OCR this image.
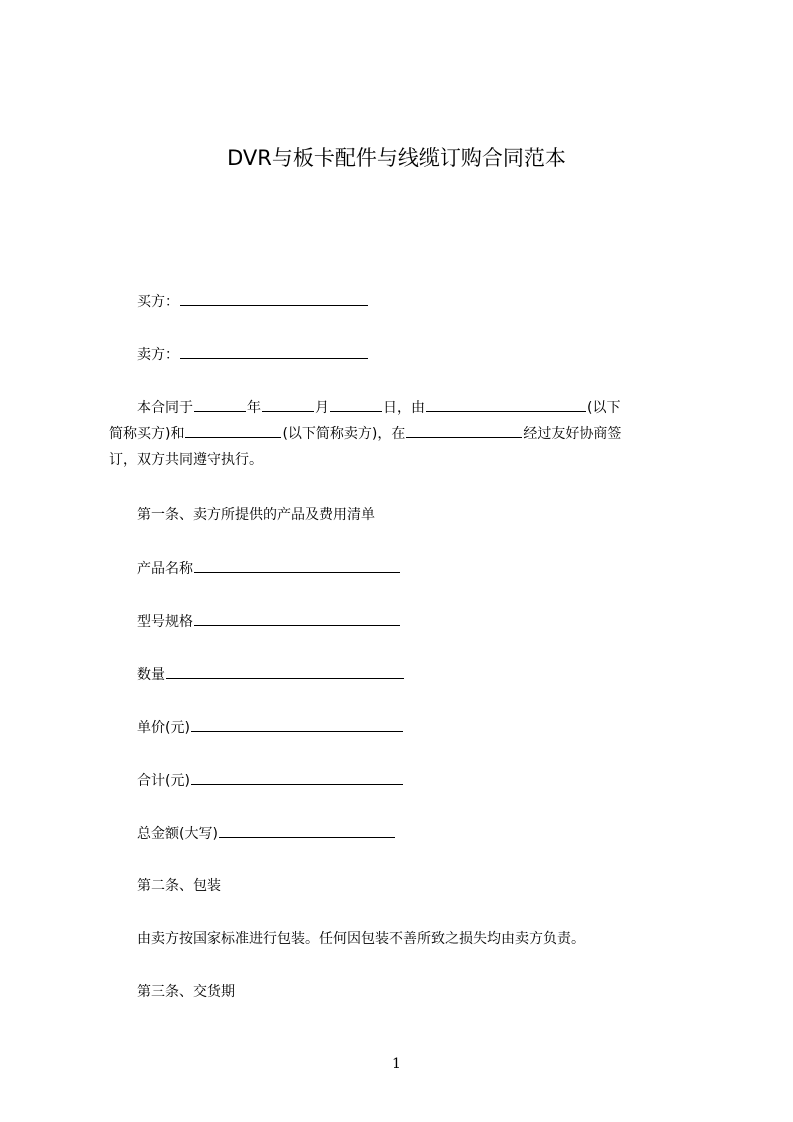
DVR与板卡配件与线缆订购合同范本
买方：
卖方：
本合同于	年	月	日，由	(以下
简称买方)和	(以下简称卖方)，在	经过友好协商签
订，双方共同遵守执行。
第一条、卖方所提供的产品及费用清单
产品名称
型号规格
数量
单价(元)
合计(元)
总金额(大写)
第二条、包装
由卖方按国家标准进行包装。任何因包装不善所致之损失均由卖方负责。
第三条、交货期
1
